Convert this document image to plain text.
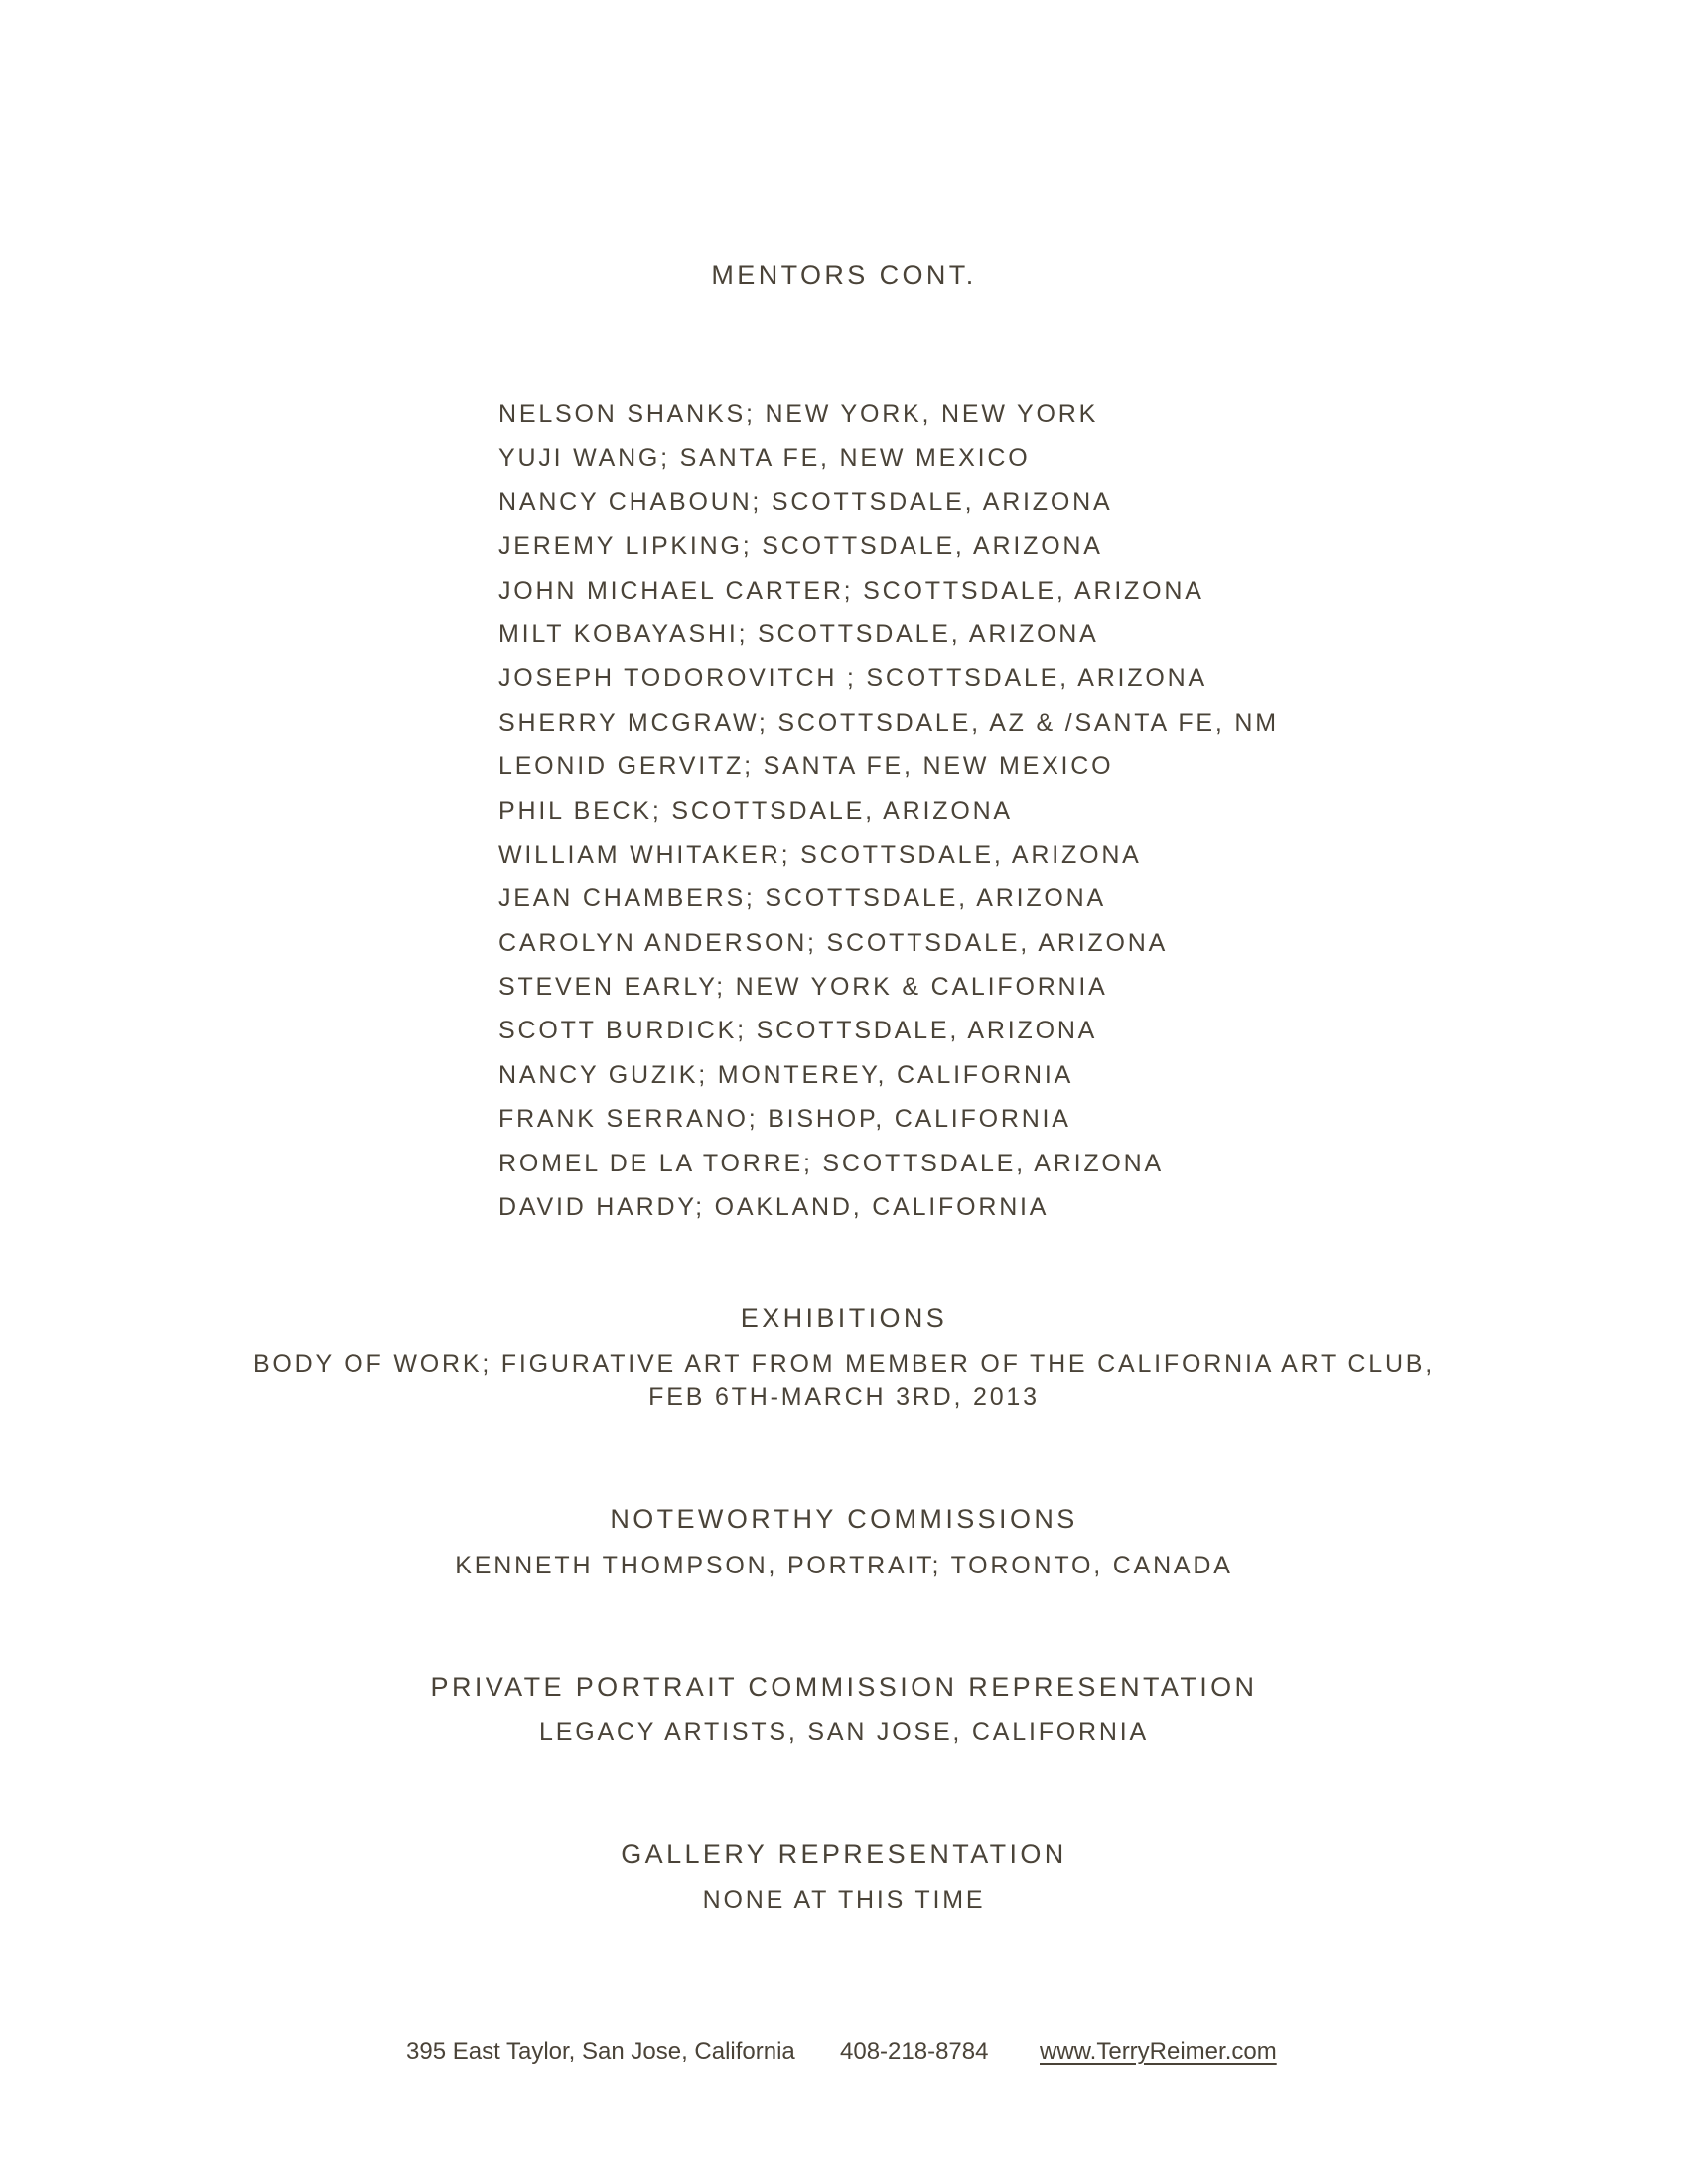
MENTORS CONT.
NELSON SHANKS; NEW YORK, NEW YORK
YUJI WANG; SANTA FE, NEW MEXICO
NANCY CHABOUN; SCOTTSDALE, ARIZONA
JEREMY LIPKING; SCOTTSDALE, ARIZONA
JOHN MICHAEL CARTER; SCOTTSDALE, ARIZONA
MILT KOBAYASHI; SCOTTSDALE, ARIZONA
JOSEPH TODOROVITCH ; SCOTTSDALE, ARIZONA
SHERRY MCGRAW; SCOTTSDALE, AZ & /SANTA FE, NM
LEONID GERVITZ; SANTA FE, NEW MEXICO
PHIL BECK; SCOTTSDALE, ARIZONA
WILLIAM WHITAKER; SCOTTSDALE, ARIZONA
JEAN CHAMBERS; SCOTTSDALE, ARIZONA
CAROLYN ANDERSON; SCOTTSDALE, ARIZONA
STEVEN EARLY; NEW YORK & CALIFORNIA
SCOTT BURDICK; SCOTTSDALE, ARIZONA
NANCY GUZIK; MONTEREY, CALIFORNIA
FRANK SERRANO; BISHOP, CALIFORNIA
ROMEL DE LA TORRE; SCOTTSDALE, ARIZONA
DAVID HARDY; OAKLAND, CALIFORNIA
EXHIBITIONS
BODY OF WORK; FIGURATIVE ART FROM MEMBER OF THE CALIFORNIA ART CLUB,
FEB 6TH-MARCH 3RD, 2013
NOTEWORTHY COMMISSIONS
KENNETH THOMPSON, PORTRAIT; TORONTO, CANADA
PRIVATE PORTRAIT COMMISSION REPRESENTATION
LEGACY ARTISTS, SAN JOSE, CALIFORNIA
GALLERY REPRESENTATION
NONE AT THIS TIME
395 East Taylor, San Jose, California 408-218-8784 www.TerryReimer.com
